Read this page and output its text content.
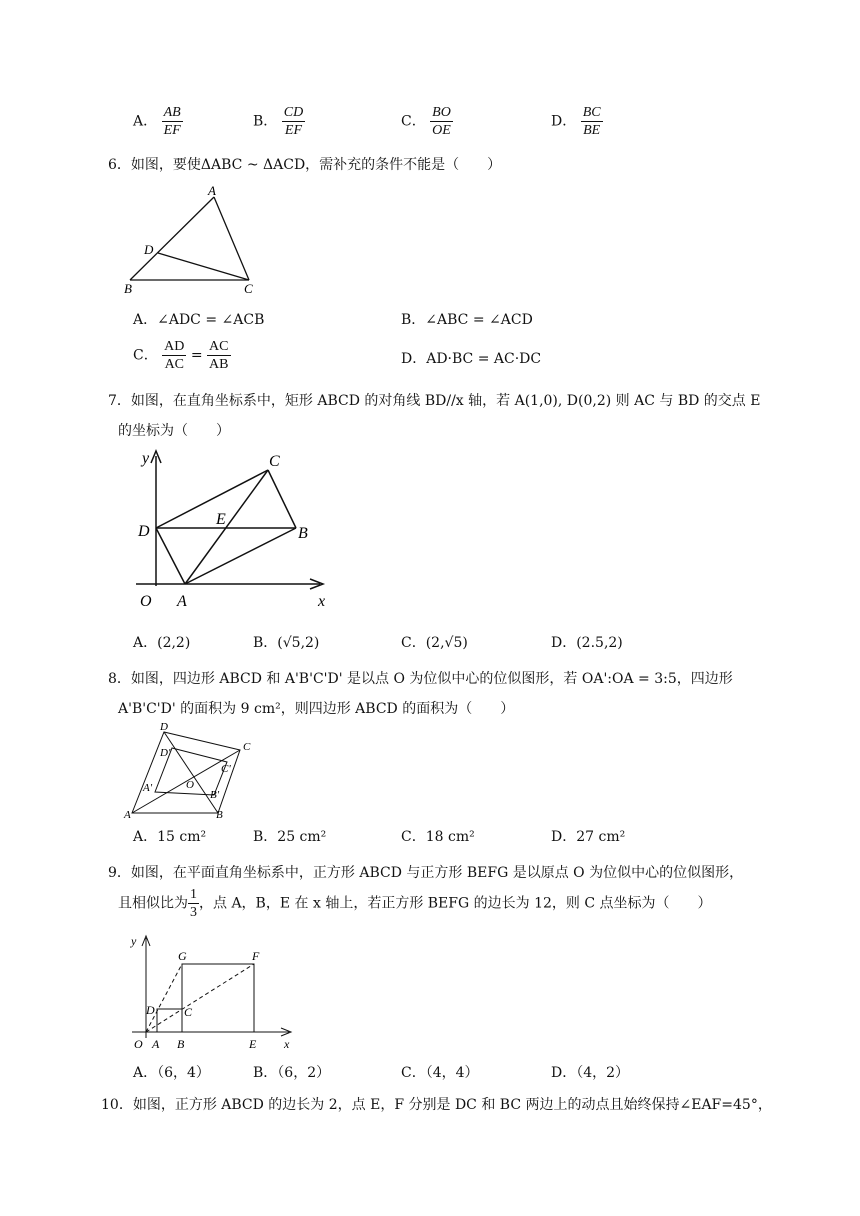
A． $\frac{AB}{EF}$	B． $\frac{CD}{EF}$	C． $\frac{BO}{OE}$	D． $\frac{BC}{BE}$
6．如图，要使ΔABC ~ ΔACD，需补充的条件不能是（　　）
A
D
B	C
A．∠ADC = ∠ACB	B．∠ABC = ∠ACD
C． $\frac{AD}{AC} = \frac{AC}{AB}$	D．AD·BC = AC·DC
7．如图，在直角坐标系中，矩形 ABCD 的对角线 BD//x 轴，若 A(1,0), D(0,2) 则 AC 与 BD 的交点 E
的坐标为（　　）
y
x
O A
B
C
D
E
A．(2,2)	B．(√5,2)	C．(2,√5)	D．(2.5,2)
8．如图，四边形 ABCD 和 A'B'C'D' 是以点 O 为位似中心的位似图形，若 OA':OA = 3:5，四边形
A'B'C'D' 的面积为 9 cm²，则四边形 ABCD 的面积为（　　）
D
D'	C
C'
O
A'
B'
A	B
A．15 cm²	B．25 cm²	C．18 cm²	D．27 cm²
9．如图，在平面直角坐标系中，正方形 ABCD 与正方形 BEFG 是以原点 O 为位似中心的位似图形，
且相似比为 $\frac{1}{3}$ ，点 A，B，E 在 x 轴上，若正方形 BEFG 的边长为 12，则 C 点坐标为（　　）
y
x
O A B	E
D C
G	F
A．（6，4）	B．（6，2）	C．（4，4）	D．（4，2）
10．如图，正方形 ABCD 的边长为 2，点 E，F 分别是 DC 和 BC 两边上的动点且始终保持∠EAF=45°，
